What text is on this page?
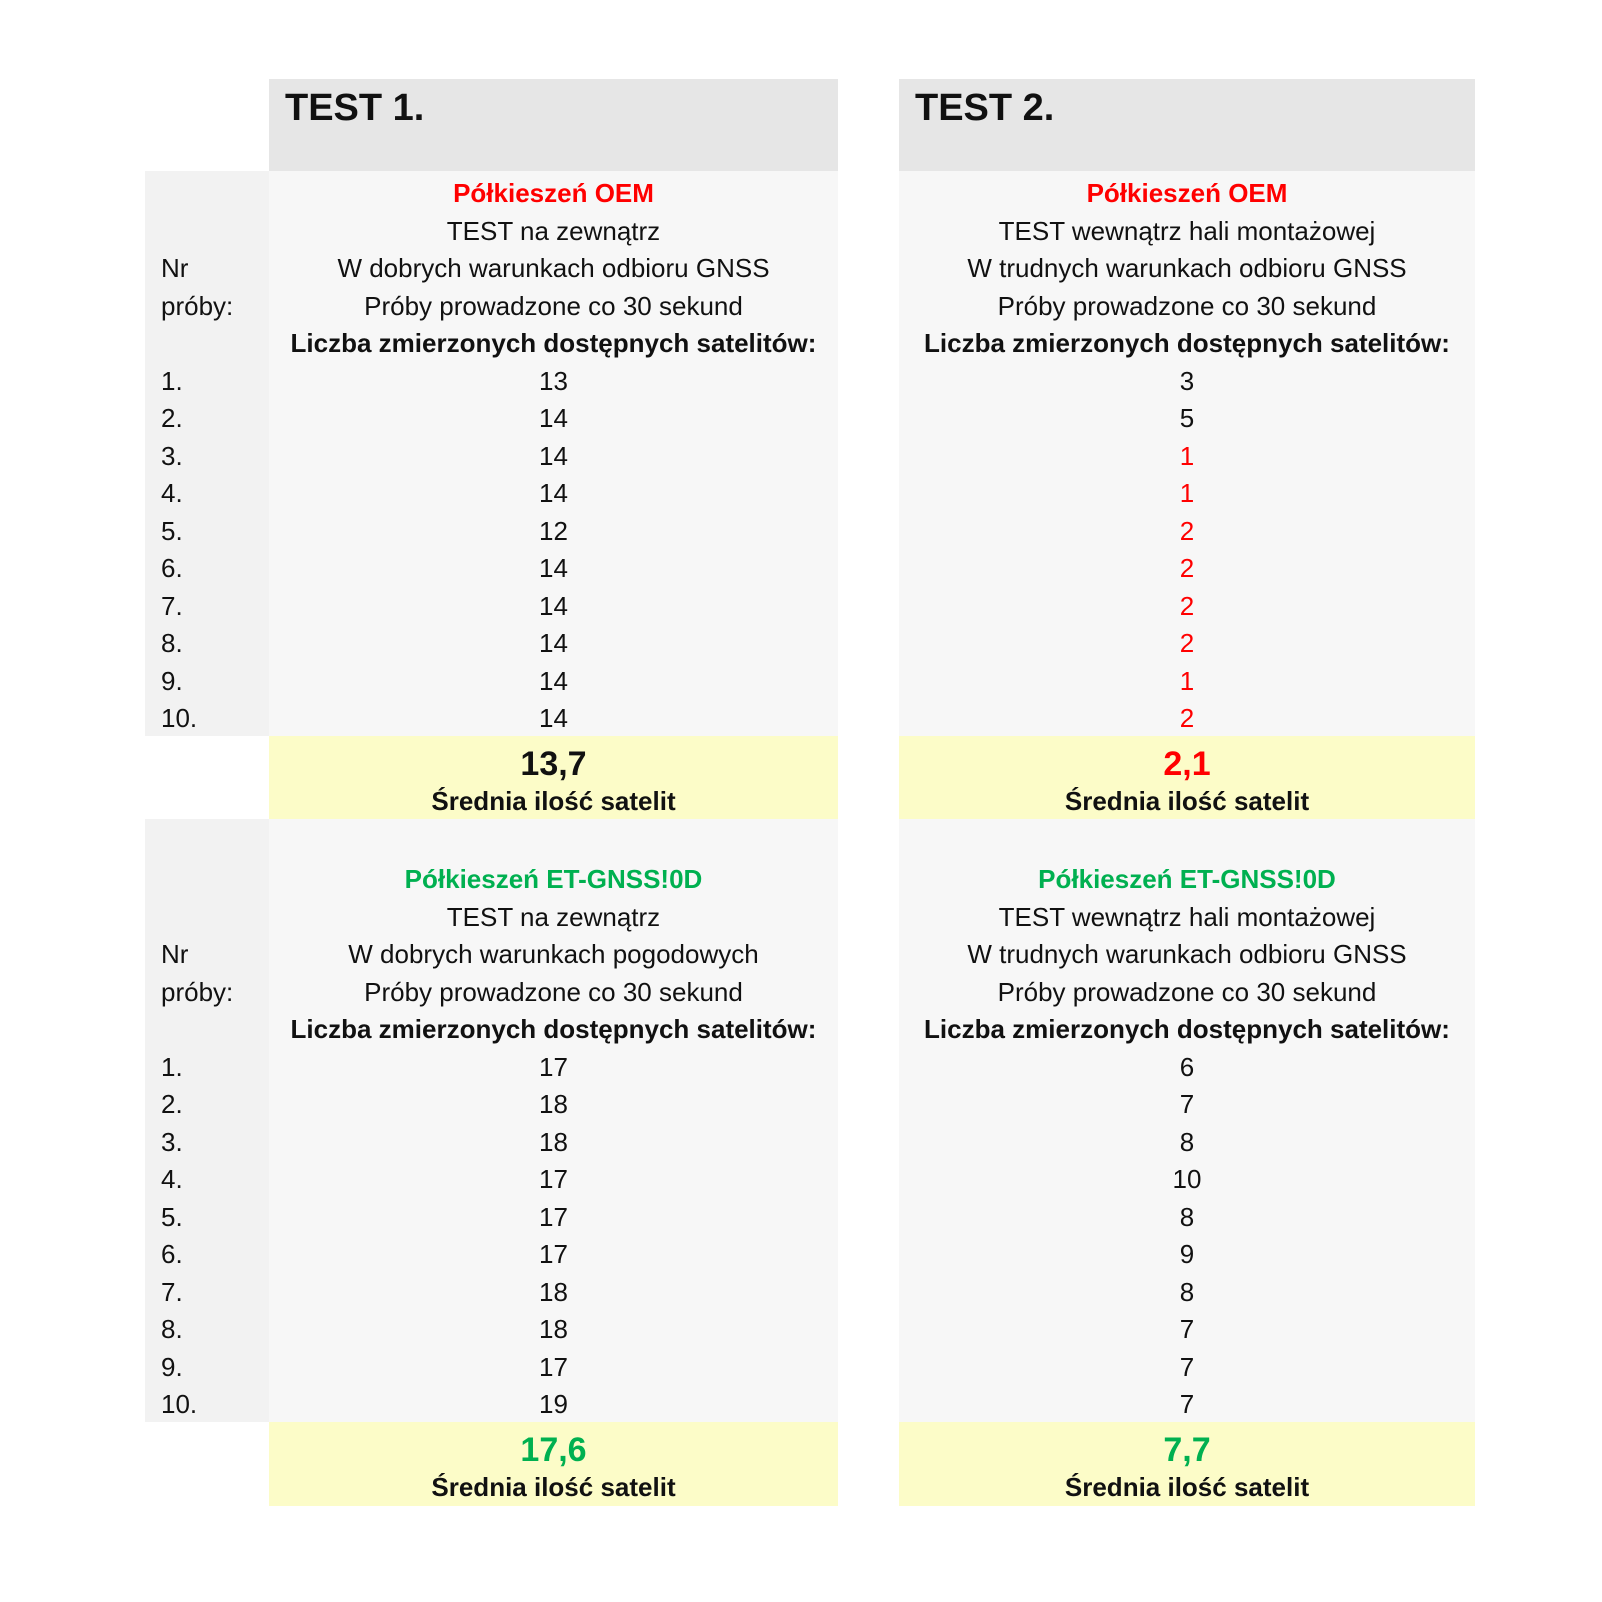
TEST 1.	TEST 2.
Nr
próby:
1.
2.
3.
4.
5.
6.
7.
8.
9.
10.
Półkieszeń OEM
TEST na zewnątrz
W dobrych warunkach odbioru GNSS
Próby prowadzone co 30 sekund
Liczba zmierzonych dostępnych satelitów:
13
14
14
14
12
14
14
14
14
14
13,7
Średnia ilość satelit
Półkieszeń OEM
TEST wewnątrz hali montażowej
W trudnych warunkach odbioru GNSS
Próby prowadzone co 30 sekund
Liczba zmierzonych dostępnych satelitów:
3
5
1
1
2
2
2
2
1
2
2,1
Średnia ilość satelit
Nr
próby:
1.
2.
3.
4.
5.
6.
7.
8.
9.
10.
Półkieszeń ET-GNSS!0D
TEST na zewnątrz
W dobrych warunkach pogodowych
Próby prowadzone co 30 sekund
Liczba zmierzonych dostępnych satelitów:
17
18
18
17
17
17
18
18
17
19
17,6
Średnia ilość satelit
Półkieszeń ET-GNSS!0D
TEST wewnątrz hali montażowej
W trudnych warunkach odbioru GNSS
Próby prowadzone co 30 sekund
Liczba zmierzonych dostępnych satelitów:
6
7
8
10
8
9
8
7
7
7
7,7
Średnia ilość satelit
